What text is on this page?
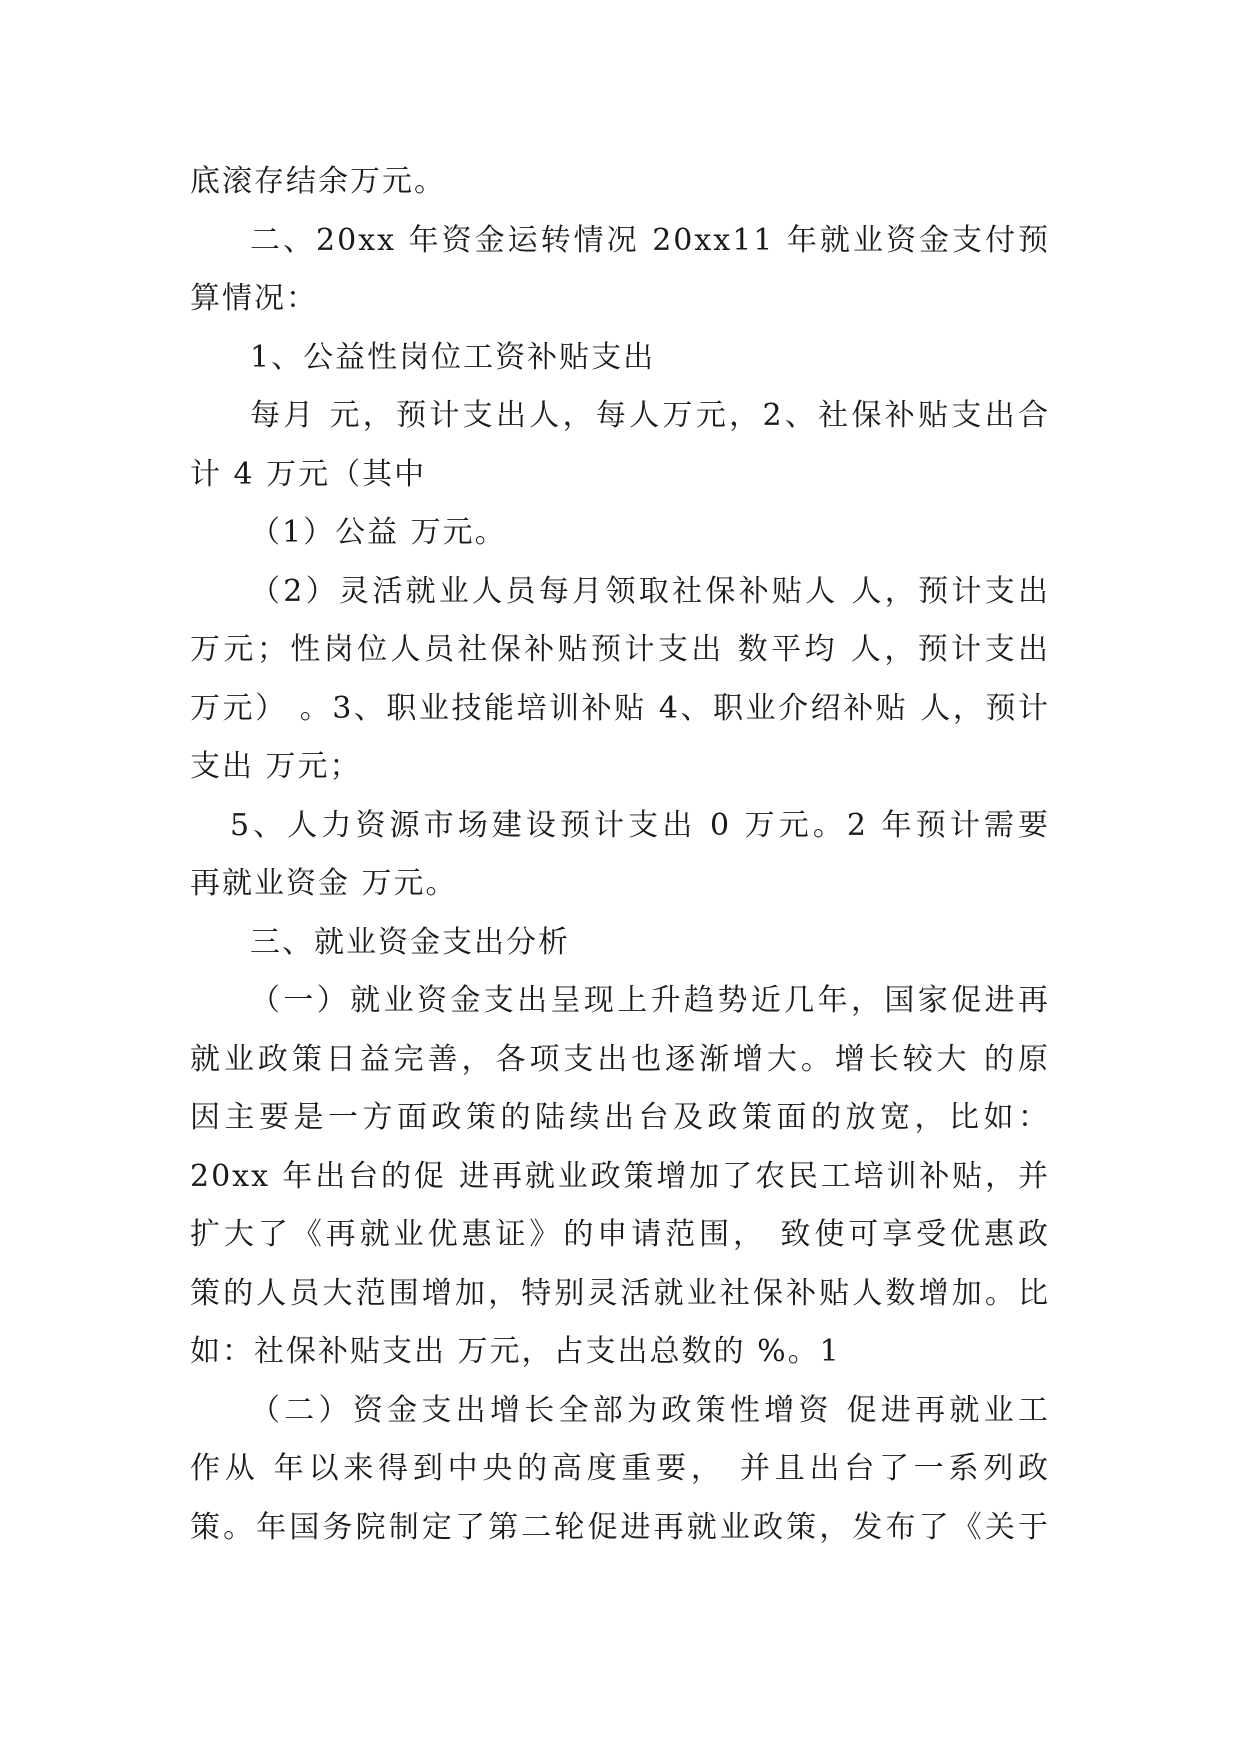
底滚存结余万元。
二、20xx 年资金运转情况 20xx11 年就业资金支付预
算情况：
1、公益性岗位工资补贴支出
每月 元，预计支出人，每人万元，2、社保补贴支出合
计 4 万元（其中
（1）公益 万元。
（2）灵活就业人员每月领取社保补贴人 人，预计支出
万元；性岗位人员社保补贴预计支出 数平均 人，预计支出
万元） 。3、职业技能培训补贴 4、职业介绍补贴 人，预计
支出 万元；
5、人力资源市场建设预计支出 0 万元。2 年预计需要
再就业资金 万元。
三、就业资金支出分析
（一）就业资金支出呈现上升趋势近几年，国家促进再
就业政策日益完善，各项支出也逐渐增大。增长较大 的原
因主要是一方面政策的陆续出台及政策面的放宽，比如：
20xx 年出台的促 进再就业政策增加了农民工培训补贴，并
扩大了《再就业优惠证》的申请范围， 致使可享受优惠政
策的人员大范围增加，特别灵活就业社保补贴人数增加。比
如：社保补贴支出 万元，占支出总数的 %。1
（二）资金支出增长全部为政策性增资 促进再就业工
作从 年以来得到中央的高度重要， 并且出台了一系列政
策。年国务院制定了第二轮促进再就业政策，发布了《关于
